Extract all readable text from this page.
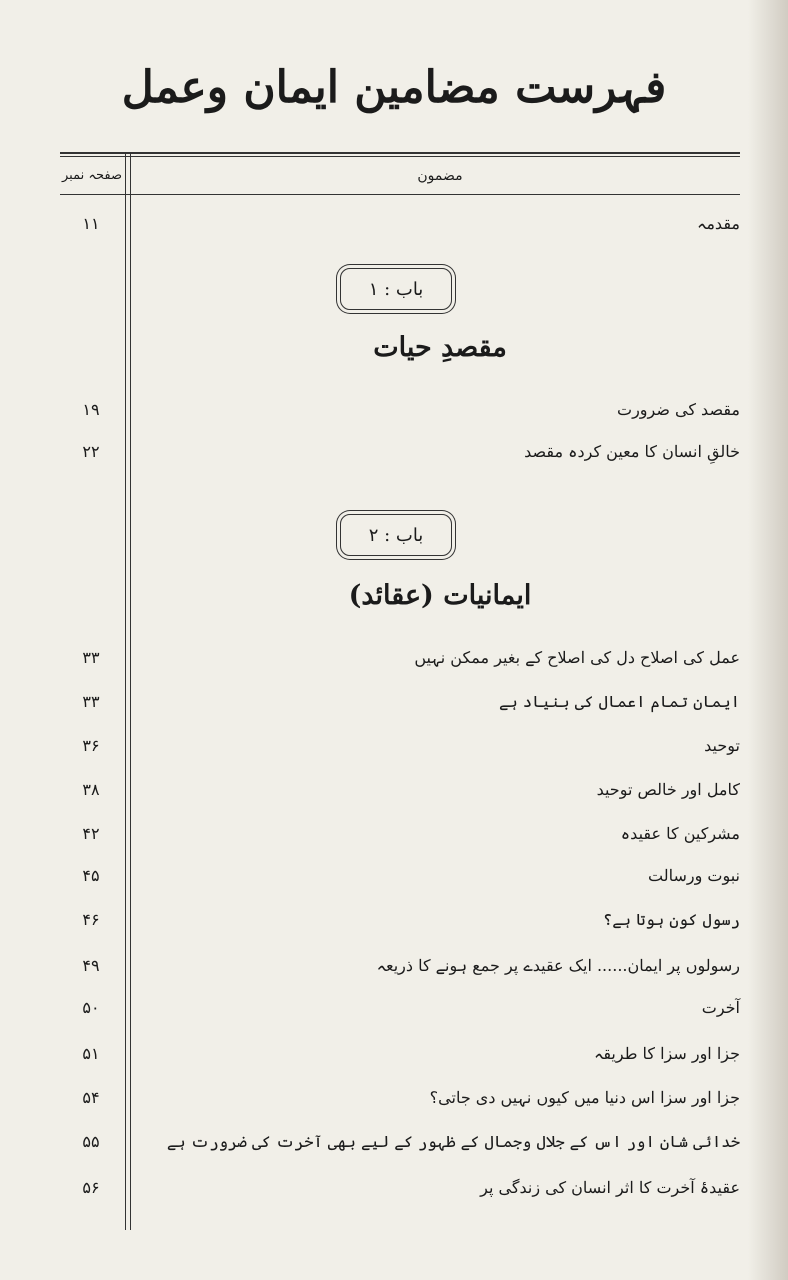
فہرست مضامین ایمان وعمل
صفحہ نمبر	مضمون
مقدمہ
۱۱
باب : ۱
مقصدِ حیات
مقصد کی ضرورت
۱۹
خالقِ انسان کا معین کردہ مقصد
۲۲
باب : ۲
ایمانیات (عقائد)
عمل کی اصلاح دل کی اصلاح کے بغیر ممکن نہیں
۳۳
ایمان تمام اعمال کی بنیاد ہے
۳۳
توحید
۳۶
کامل اور خالص توحید
۳۸
مشرکین کا عقیدہ
۴۲
نبوت ورسالت
۴۵
رسول کون ہوتا ہے؟
۴۶
رسولوں پر ایمان...... ایک عقیدے پر جمع ہونے کا ذریعہ
۴۹
آخرت
۵۰
جزا اور سزا کا طریقہ
۵۱
جزا اور سزا اس دنیا میں کیوں نہیں دی جاتی؟
۵۴
خدائی شان اور اس کے جلال وجمال کے ظہور کے لیے بھی آخرت کی ضرورت ہے
۵۵
عقیدۂ آخرت کا اثر انسان کی زندگی پر
۵۶
